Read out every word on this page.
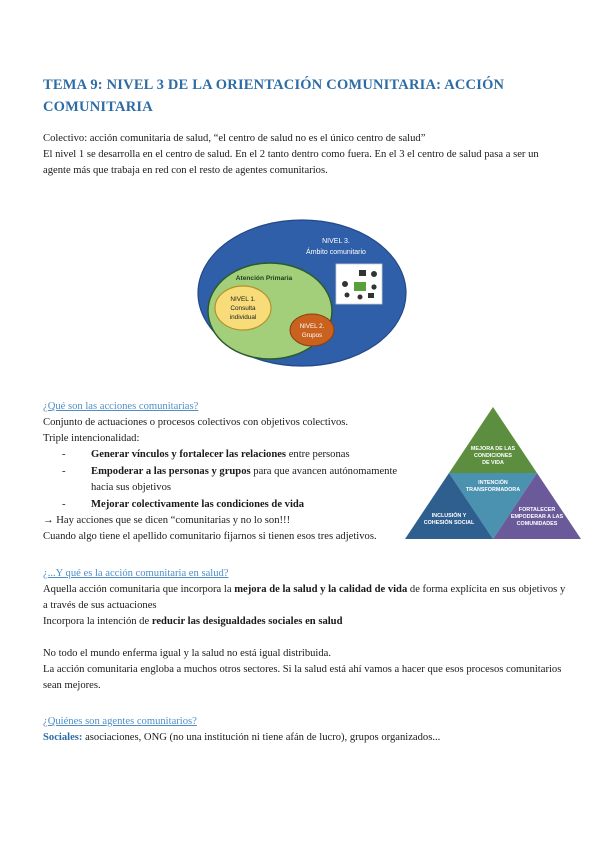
TEMA 9: NIVEL 3 DE LA ORIENTACIÓN COMUNITARIA: ACCIÓN COMUNITARIA

Colectivo: acción comunitaria de salud, “el centro de salud no es el único centro de salud”

El nivel 1 se desarrolla en el centro de salud. En el 2 tanto dentro como fuera. En el 3 el centro de salud pasa a ser un agente más que trabaja en red con el resto de agentes comunitarios.

NIVEL 3.
Ámbito comunitario
Atención Primaria
NIVEL 1.
Consulta
individual
NIVEL 2.
Grupos
¿Qué son las acciones comunitarias?

Conjunto de actuaciones o procesos colectivos con objetivos colectivos.

Triple intencionalidad:

- Generar vínculos y fortalecer las relaciones entre personas
- Empoderar a las personas y grupos para que avancen autónomamente hacia sus objetivos
- Mejorar colectivamente las condiciones de vida

→ Hay acciones que se dicen “comunitarias y no lo son!!!

Cuando algo tiene el apellido comunitario fijarnos si tienen esos tres adjetivos.

MEJORA DE LAS
CONDICIONES
DE VIDA
INTENCIÓN
TRANSFORMADORA
INCLUSIÓN Y
COHESIÓN SOCIAL
FORTALECER
EMPODERAR A LAS
COMUNIDADES
¿...Y qué es la acción comunitaria en salud?

Aquella acción comunitaria que incorpora la mejora de la salud y la calidad de vida de forma explícita en sus objetivos y a través de sus actuaciones

Incorpora la intención de reducir las desigualdades sociales en salud

No todo el mundo enferma igual y la salud no está igual distribuida.

La acción comunitaria engloba a muchos otros sectores. Si la salud está ahí vamos a hacer que esos procesos comunitarios sean mejores.

¿Quiénes son agentes comunitarios?

Sociales: asociaciones, ONG (no una institución ni tiene afán de lucro), grupos organizados...
